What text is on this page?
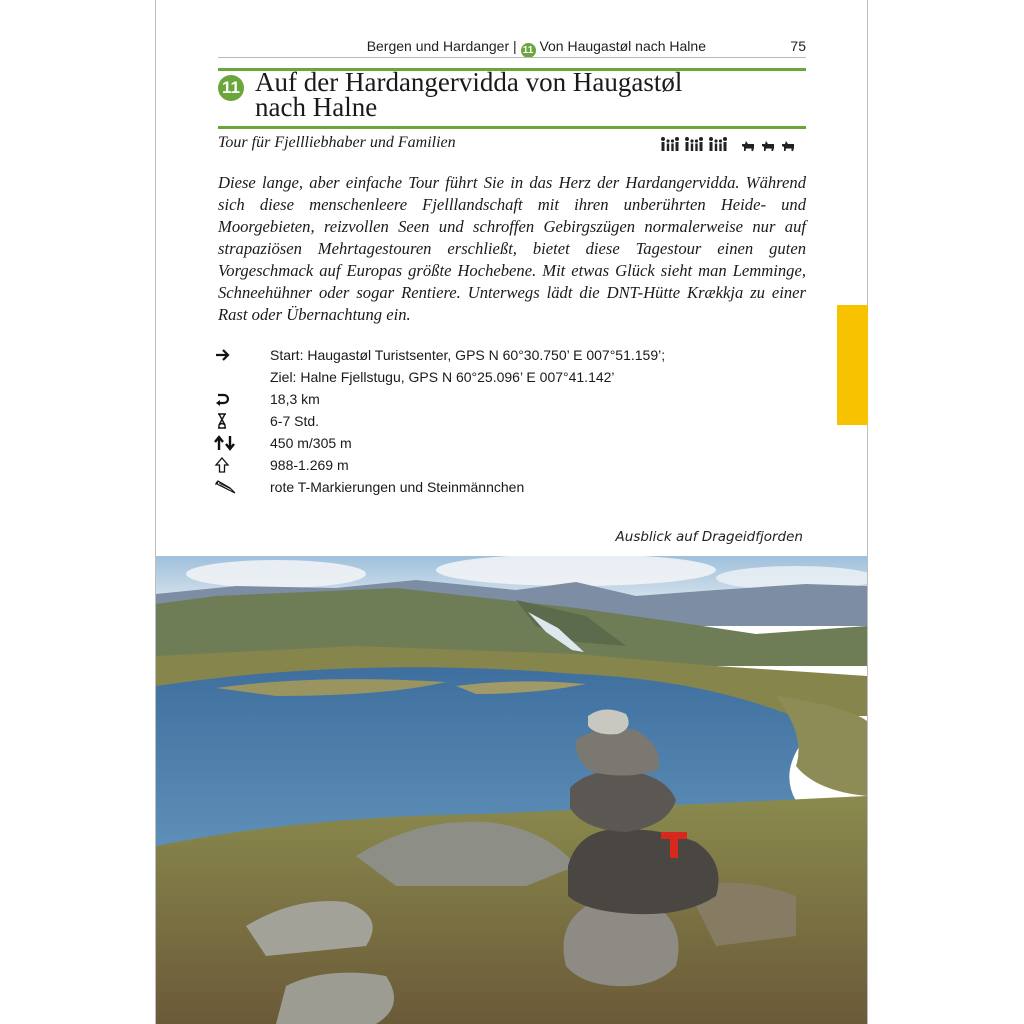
Bergen und Hardanger | 11 Von Haugastøl nach Halne	75
11 Auf der Hardangervidda von Haugastøl
nach Halne
Tour für Fjellliebhaber und Familien
Diese lange, aber einfache Tour führt Sie in das Herz der Hardangervidda. Während sich diese menschenleere Fjelllandschaft mit ihren unberührten Heide- und Moorgebieten, reizvollen Seen und schroffen Gebirgszügen normalerweise nur auf strapaziösen Mehrtagestouren erschließt, bietet diese Tagestour einen guten Vorgeschmack auf Europas größte Hochebene. Mit etwas Glück sieht man Lemminge, Schneehühner oder sogar Rentiere. Unterwegs lädt die DNT-Hütte Krækkja zu einer Rast oder Übernachtung ein.
Start: Haugastøl Turistsenter, GPS N 60°30.750’ E 007°51.159’;
Ziel: Halne Fjellstugu, GPS N 60°25.096’ E 007°41.142’
18,3 km
6-7 Std.
450 m/305 m
988-1.269 m
rote T-Markierungen und Steinmännchen
Ausblick auf Drageidfjorden
